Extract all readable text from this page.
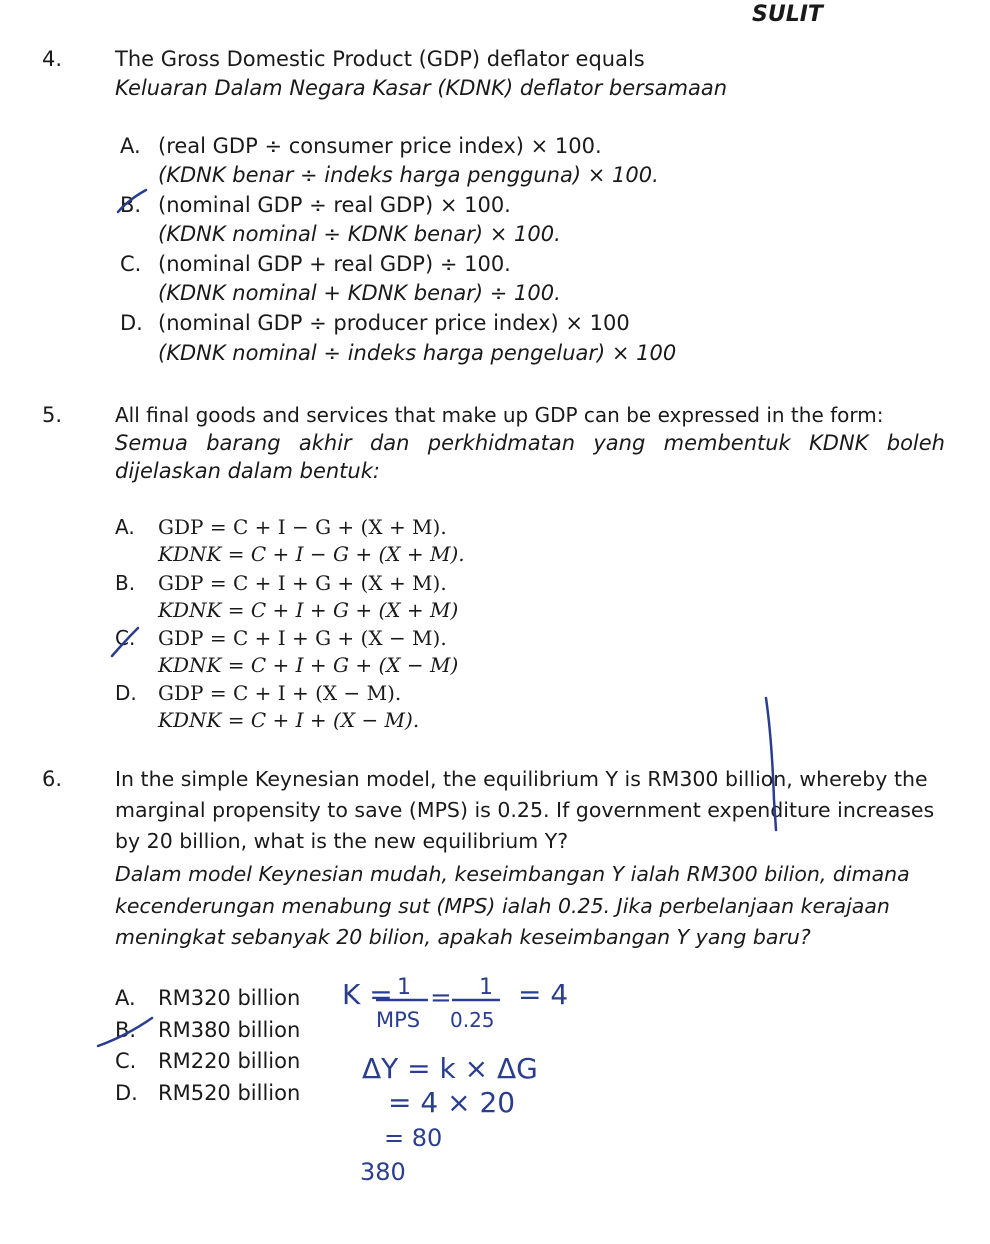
SULIT
4.	The Gross Domestic Product (GDP) deflator equals
Keluaran Dalam Negara Kasar (KDNK) deflator bersamaan
A. (real GDP ÷ consumer price index) × 100.
(KDNK benar ÷ indeks harga pengguna) × 100.
B. (nominal GDP ÷ real GDP) × 100.
(KDNK nominal ÷ KDNK benar) × 100.
C. (nominal GDP + real GDP) ÷ 100.
(KDNK nominal + KDNK benar) ÷ 100.
D. (nominal GDP ÷ producer price index) × 100
(KDNK nominal ÷ indeks harga pengeluar) × 100
5.	All final goods and services that make up GDP can be expressed in the form:
Semua barang akhir dan perkhidmatan yang membentuk KDNK boleh
dijelaskan dalam bentuk:
A. GDP = C + I − G + (X + M).
KDNK = C + I − G + (X + M).
B. GDP = C + I + G + (X + M).
KDNK = C + I + G + (X + M)
C. GDP = C + I + G + (X − M).
KDNK = C + I + G + (X − M)
D. GDP = C + I + (X − M).
KDNK = C + I + (X − M).
6.	In the simple Keynesian model, the equilibrium Y is RM300 billion, whereby the
marginal propensity to save (MPS) is 0.25. If government expenditure increases
by 20 billion, what is the new equilibrium Y?
Dalam model Keynesian mudah, keseimbangan Y ialah RM300 bilion, dimana
kecenderungan menabung sut (MPS) ialah 0.25. Jika perbelanjaan kerajaan
meningkat sebanyak 20 bilion, apakah keseimbangan Y yang baru?
A. RM320 billion
B. RM380 billion
C. RM220 billion
D. RM520 billion
K = 1
MPS
= 1
0.25
= 4
ΔY = k × ΔG
= 4 × 20
= 80
380
